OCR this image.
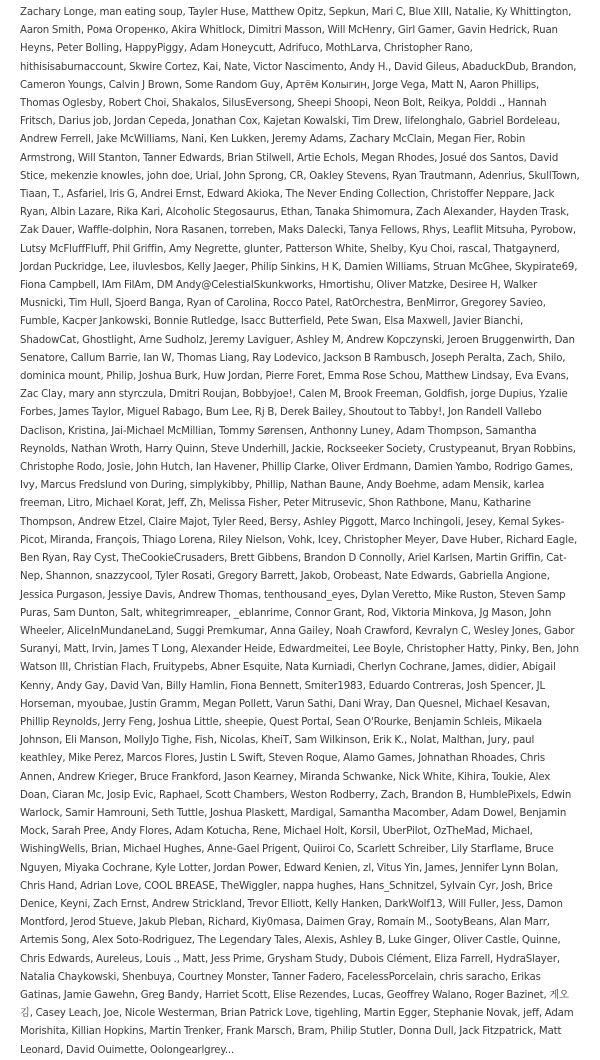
Zachary Longe, man eating soup, Tayler Huse, Matthew Opitz, Sepkun, Mari C, Blue XIII, Natalie, Ky Whittington, Aaron Smith, Рома Огоренко, Akira Whitlock, Dimitri Masson, Will McHenry, Girl Gamer, Gavin Hedrick, Ruan Heyns, Peter Bolling, HappyPiggy, Adam Honeycutt, Adrifuco, MothLarva, Christopher Rano, hithisisaburnaccount, Skwire Cortez, Kai, Nate, Victor Nascimento, Andy H., David Gileus, AbaduckDub, Brandon, Cameron Youngs, Calvin J Brown, Some Random Guy, Артём Колыгин, Jorge Vega, Matt N, Aaron Phillips, Thomas Oglesby, Robert Choi, Shakalos, SilusEversong, Sheepi Shoopi, Neon Bolt, Reikya, Polddi ., Hannah Fritsch, Darius job, Jordan Cepeda, Jonathan Cox, Kajetan Kowalski, Tim Drew, lifelonghalo, Gabriel Bordeleau, Andrew Ferrell, Jake McWilliams, Nani, Ken Lukken, Jeremy Adams, Zachary McClain, Megan Fier, Robin Armstrong, Will Stanton, Tanner Edwards, Brian Stilwell, Artie Echols, Megan Rhodes, Josué dos Santos, David Stice, mekenzie knowles, john doe, Urial, John Sprong, CR, Oakley Stevens, Ryan Trautmann, Adenrius, SkullTown, Tiaan, T., Asfariel, Iris G, Andrei Ernst, Edward Akioka, The Never Ending Collection, Christoffer Neppare, Jack Ryan, Albin Lazare, Rika Kari, Alcoholic Stegosaurus, Ethan, Tanaka Shimomura, Zach Alexander, Hayden Trask, Zak Dauer, Waffle-dolphin, Nora Rasanen, torreben, Maks Dalecki, Tanya Fellows, Rhys, Leaflit Mitsuha, Pyrobow, Lutsy McFluffFluff, Phil Griffin, Amy Negrette, glunter, Patterson White, Shelby, Kyu Choi, rascal, Thatgaynerd, Jordan Puckridge, Lee, iluvlesbos, Kelly Jaeger, Philip Sinkins, H K, Damien Williams, Struan McGhee, Skypirate69, Fiona Campbell, IAm FilAm, DM Andy@CelestialSkunkworks, Hmortishu, Oliver Matzke, Desiree H, Walker Musnicki, Tim Hull, Sjoerd Banga, Ryan of Carolina, Rocco Patel, RatOrchestra, BenMirror, Gregorey Savieo, Fumble, Kacper Jankowski, Bonnie Rutledge, Isacc Butterfield, Pete Swan, Elsa Maxwell, Javier Bianchi, ShadowCat, Ghostlight, Arne Sudholz, Jeremy Laviguer, Ashley M, Andrew Kopczynski, Jeroen Bruggenwirth, Dan Senatore, Callum Barrie, Ian W, Thomas Liang, Ray Lodevico, Jackson B Rambusch, Joseph Peralta, Zach, Shilo, dominica mount, Philip, Joshua Burk, Huw Jordan, Pierre Foret, Emma Rose Schou, Matthew Lindsay, Eva Evans, Zac Clay, mary ann styrczula, Dmitri Roujan, Bobbyjoe!, Calen M, Brook Freeman, Goldfish, jorge Dupius, Yzalie Forbes, James Taylor, Miguel Rabago, Bum Lee, Rj B, Derek Bailey, Shoutout to Tabby!, Jon Randell Vallebo Daclison, Kristina, Jai-Michael McMillian, Tommy Sørensen, Anthonny Luney, Adam Thompson, Samantha Reynolds, Nathan Wroth, Harry Quinn, Steve Underhill, Jackie, Rockseeker Society, Crustypeanut, Bryan Robbins, Christophe Rodo, Josie, John Hutch, Ian Havener, Phillip Clarke, Oliver Erdmann, Damien Yambo, Rodrigo Games, Ivy, Marcus Fredslund von During, simplykibby, Phillip, Nathan Baune, Andy Boehme, adam Mensik, karlea freeman, Litro, Michael Korat, Jeff, Zh, Melissa Fisher, Peter Mitrusevic, Shon Rathbone, Manu, Katharine Thompson, Andrew Etzel, Claire Majot, Tyler Reed, Bersy, Ashley Piggott, Marco Inchingoli, Jesey, Kemal Sykes-Picot, Miranda, François, Thiago Lorena, Riley Nielson, Vohk, Icey, Christopher Meyer, Dave Huber, Richard Eagle, Ben Ryan, Ray Cyst, TheCookieCrusaders, Brett Gibbens, Brandon D Connolly, Ariel Karlsen, Martin Griffin, Cat-Nep, Shannon, snazzycool, Tyler Rosati, Gregory Barrett, Jakob, Orobeast, Nate Edwards, Gabriella Angione, Jessica Purgason, Jessiye Davis, Andrew Thomas, tenthousand_eyes, Dylan Veretto, Mike Ruston, Steven Samp Puras, Sam Dunton, Salt, whitegrimreaper, _eblanrime, Connor Grant, Rod, Viktoria Minkova, Jg Mason, John Wheeler, AliceInMundaneLand, Suggi Premkumar, Anna Gailey, Noah Crawford, Kevralyn C, Wesley Jones, Gabor Suranyi, Matt, Irvin, James T Long, Alexander Heide, Edwardmeitei, Lee Boyle, Christopher Hatty, Pinky, Ben, John Watson III, Christian Flach, Fruitypebs, Abner Esquite, Nata Kurniadi, Cherlyn Cochrane, James, didier, Abigail Kenny, Andy Gay, David Van, Billy Hamlin, Fiona Bennett, Smiter1983, Eduardo Contreras, Josh Spencer, JL Horseman, myoubae, Justin Gramm, Megan Pollett, Varun Sathi, Dani Wray, Dan Quesnel, Michael Kesavan, Phillip Reynolds, Jerry Feng, Joshua Little, sheepie, Quest Portal, Sean O'Rourke, Benjamin Schleis, Mikaela Johnson, Eli Manson, MollyJo Tighe, Fish, Nicolas, KheiT, Sam Wilkinson, Erik K., Nolat, Malthan, Jury, paul keathley, Mike Perez, Marcos Flores, Justin L Swift, Steven Roque, Alamo Games, Johnathan Rhoades, Chris Annen, Andrew Krieger, Bruce Frankford, Jason Kearney, Miranda Schwanke, Nick White, Kihira, Toukie, Alex Doan, Ciaran Mc, Josip Evic, Raphael, Scott Chambers, Weston Rodberry, Zach, Brandon B, HumblePixels, Edwin Warlock, Samir Hamrouni, Seth Tuttle, Joshua Plaskett, Mardigal, Samantha Macomber, Adam Dowel, Benjamin Mock, Sarah Pree, Andy Flores, Adam Kotucha, Rene, Michael Holt, Korsil, UberPilot, OzTheMad, Michael, WishingWells, Brian, Michael Hughes, Anne-Gael Prigent, Quiiroi Co, Scarlett Schreiber, Lily Starflame, Bruce Nguyen, Miyaka Cochrane, Kyle Lotter, Jordan Power, Edward Kenien, zl, Vitus Yin, James, Jennifer Lynn Bolan, Chris Hand, Adrian Love, COOL BREASE, TheWiggler, nappa hughes, Hans_Schnitzel, Sylvain Cyr, Josh, Brice Denice, Keyni, Zach Ernst, Andrew Strickland, Trevor Elliott, Kelly Hanken, DarkWolf13, Will Fuller, Jess, Damon Montford, Jerod Stueve, Jakub Pleban, Richard, Kiy0masa, Daimen Gray, Romain M., SootyBeans, Alan Marr, Artemis Song, Alex Soto-Rodriguez, The Legendary Tales, Alexis, Ashley B, Luke Ginger, Oliver Castle, Quinne, Chris Edwards, Aureleus, Louis ., Matt, Jess Prime, Grysham Study, Dubois Clément, Eliza Farrell, HydraSlayer, Natalia Chaykowski, Shenbuya, Courtney Monster, Tanner Fadero, FacelessPorcelain, chris saracho, Erikas Gatinas, Jamie Gawehn, Greg Bandy, Harriet Scott, Elise Rezendes, Lucas, Geoffrey Walano, Roger Bazinet, 게오 김, Casey Leach, Joe, Nicole Westerman, Brian Patrick Love, tigehling, Martin Egger, Stephanie Novak, jeff, Adam Morishita, Killian Hopkins, Martin Trenker, Frank Marsch, Bram, Philip Stutler, Donna Dull, Jack Fitzpatrick, Matt Leonard, David Ouimette, Oolongearlgrey...
